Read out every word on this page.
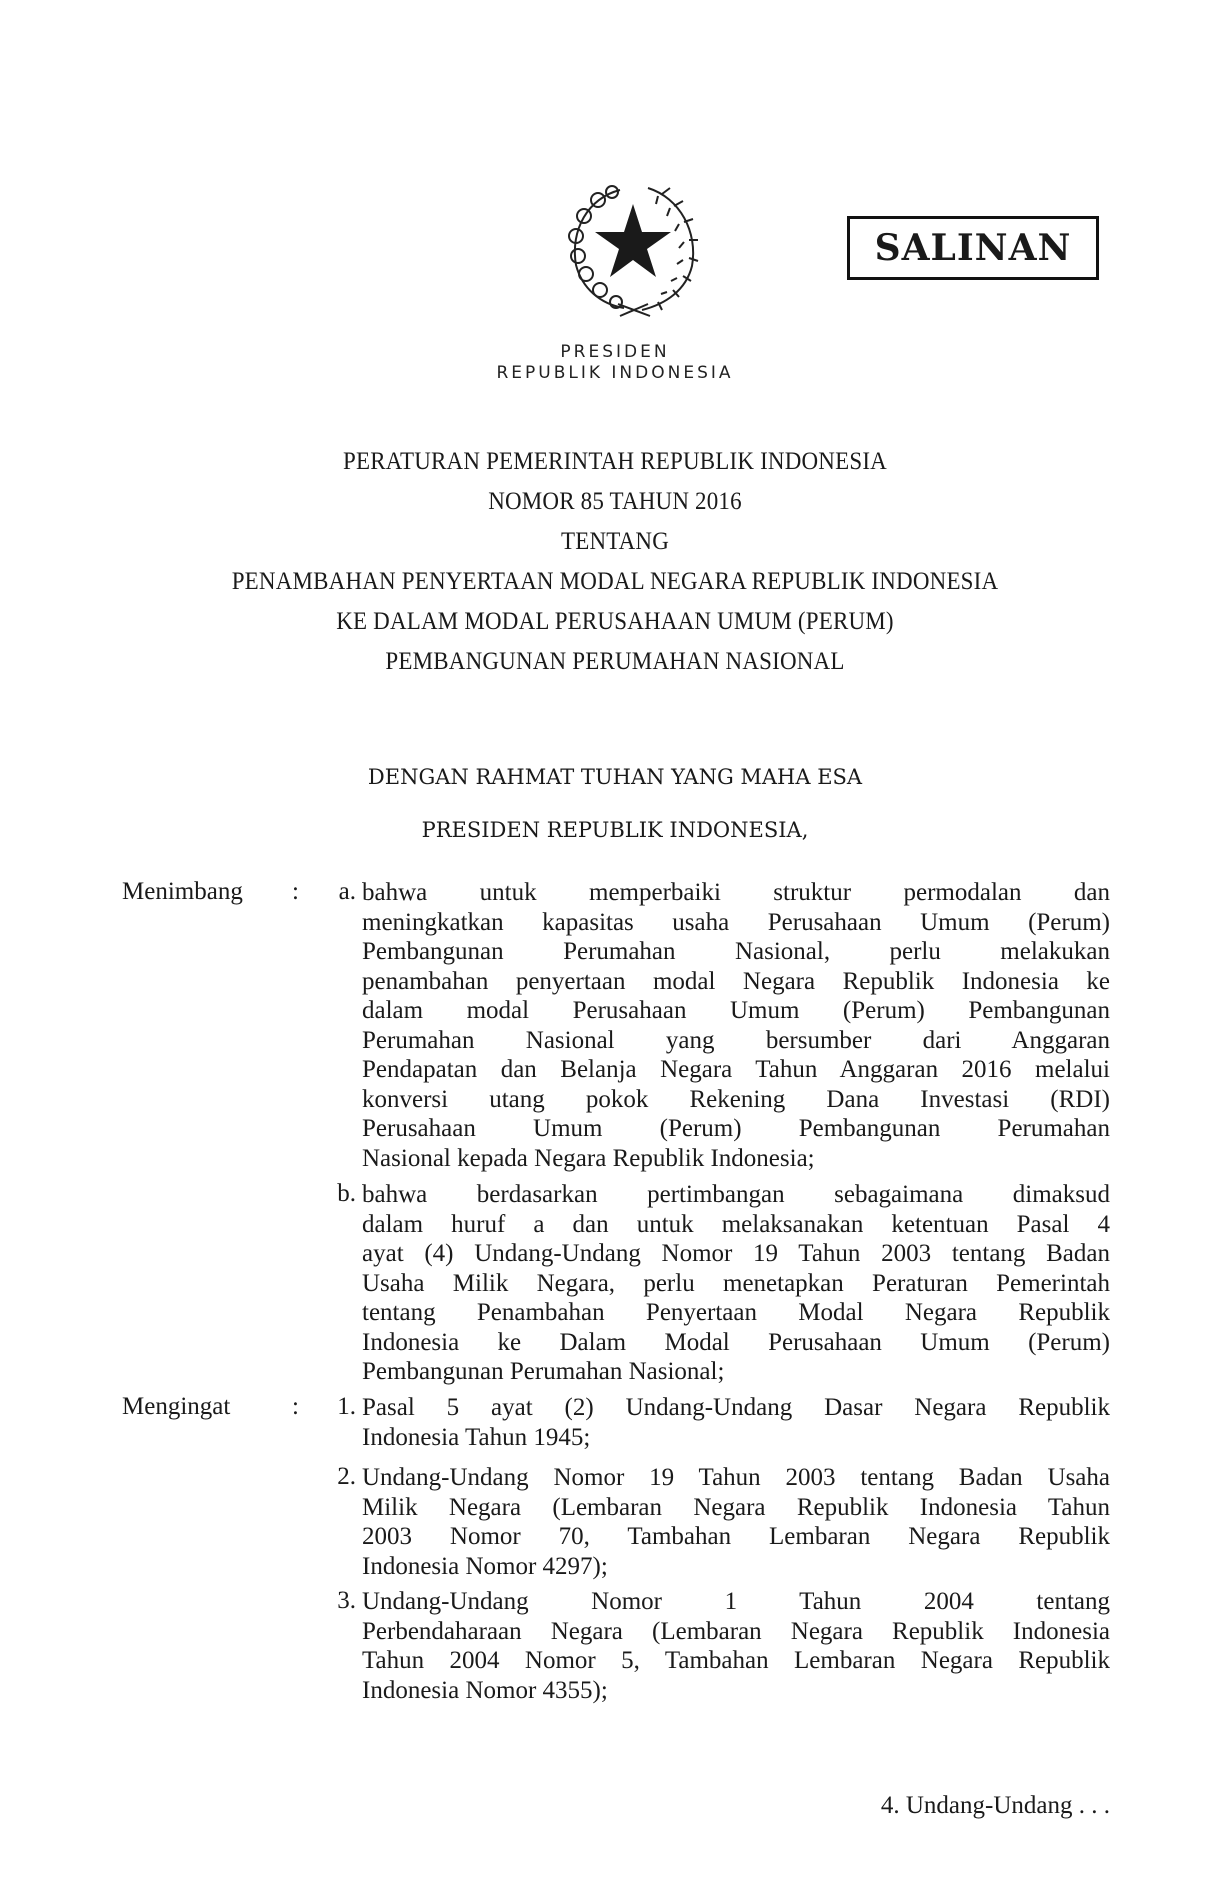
SALINAN
PRESIDEN
REPUBLIK INDONESIA
PERATURAN PEMERINTAH REPUBLIK INDONESIA
NOMOR 85 TAHUN 2016
TENTANG
PENAMBAHAN PENYERTAAN MODAL NEGARA REPUBLIK INDONESIA
KE DALAM MODAL PERUSAHAAN UMUM (PERUM)
PEMBANGUNAN PERUMAHAN NASIONAL
DENGAN RAHMAT TUHAN YANG MAHA ESA
PRESIDEN REPUBLIK INDONESIA,
Menimbang :	a. bahwa untuk memperbaiki struktur permodalan dan
meningkatkan kapasitas usaha Perusahaan Umum (Perum)
Pembangunan Perumahan Nasional, perlu melakukan
penambahan penyertaan modal Negara Republik Indonesia ke
dalam modal Perusahaan Umum (Perum) Pembangunan
Perumahan Nasional yang bersumber dari Anggaran
Pendapatan dan Belanja Negara Tahun Anggaran 2016 melalui
konversi utang pokok Rekening Dana Investasi (RDI)
Perusahaan Umum (Perum) Pembangunan Perumahan
Nasional kepada Negara Republik Indonesia;
b. bahwa berdasarkan pertimbangan sebagaimana dimaksud
dalam huruf a dan untuk melaksanakan ketentuan Pasal 4
ayat (4) Undang-Undang Nomor 19 Tahun 2003 tentang Badan
Usaha Milik Negara, perlu menetapkan Peraturan Pemerintah
tentang Penambahan Penyertaan Modal Negara Republik
Indonesia ke Dalam Modal Perusahaan Umum (Perum)
Pembangunan Perumahan Nasional;
Mengingat :	1. Pasal 5 ayat (2) Undang-Undang Dasar Negara Republik
Indonesia Tahun 1945;
2. Undang-Undang Nomor 19 Tahun 2003 tentang Badan Usaha
Milik Negara (Lembaran Negara Republik Indonesia Tahun
2003 Nomor 70, Tambahan Lembaran Negara Republik
Indonesia Nomor 4297);
3. Undang-Undang Nomor 1 Tahun 2004 tentang
Perbendaharaan Negara (Lembaran Negara Republik Indonesia
Tahun 2004 Nomor 5, Tambahan Lembaran Negara Republik
Indonesia Nomor 4355);
4. Undang-Undang . . .
